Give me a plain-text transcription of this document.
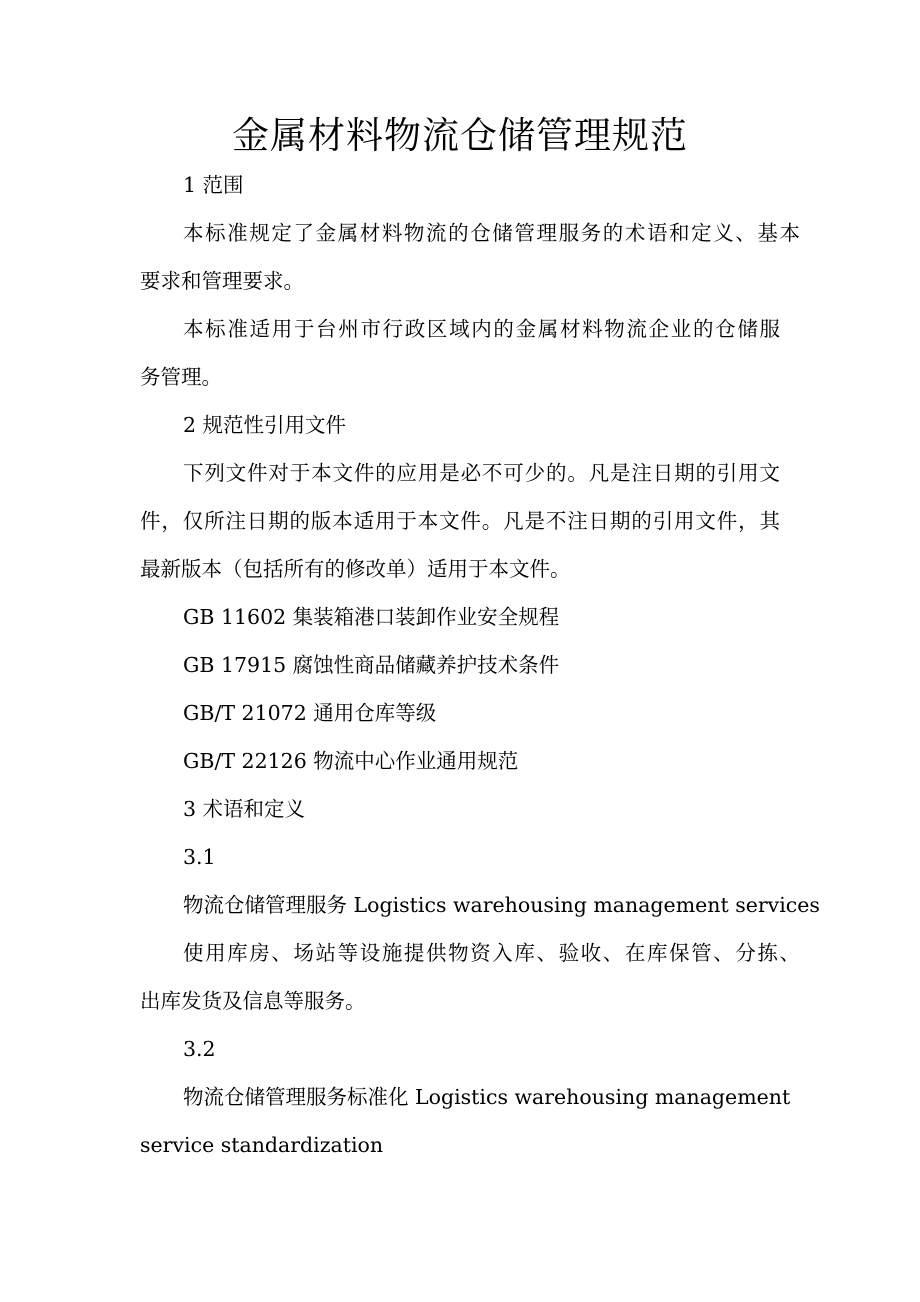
金属材料物流仓储管理规范
1 范围
本标准规定了金属材料物流的仓储管理服务的术语和定义、基本
要求和管理要求。
本标准适用于台州市行政区域内的金属材料物流企业的仓储服
务管理。
2 规范性引用文件
下列文件对于本文件的应用是必不可少的。凡是注日期的引用文
件，仅所注日期的版本适用于本文件。凡是不注日期的引用文件，其
最新版本（包括所有的修改单）适用于本文件。
GB 11602 集装箱港口装卸作业安全规程
GB 17915 腐蚀性商品储藏养护技术条件
GB/T 21072 通用仓库等级
GB/T 22126 物流中心作业通用规范
3 术语和定义
3.1
物流仓储管理服务 Logistics warehousing management services
使用库房、场站等设施提供物资入库、验收、在库保管、分拣、
出库发货及信息等服务。
3.2
物流仓储管理服务标准化 Logistics warehousing management
service standardization
